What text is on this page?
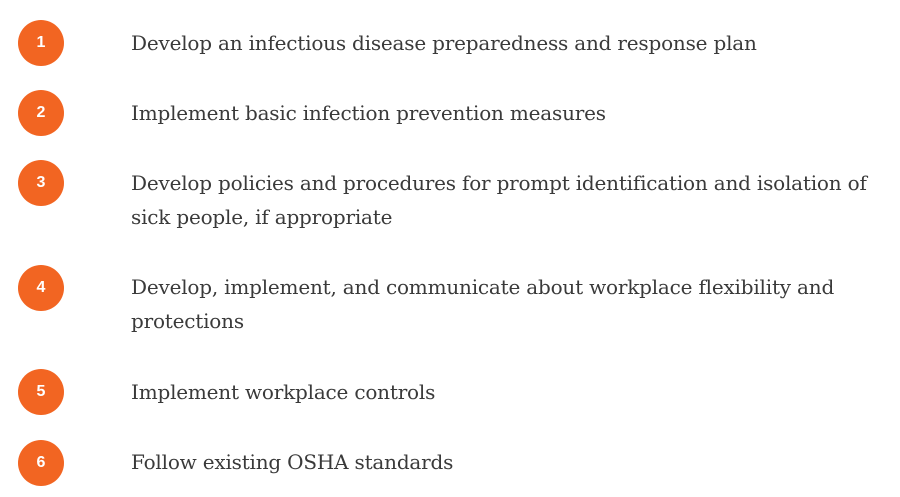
1	Develop an infectious disease preparedness and response plan

2	Implement basic infection prevention measures

3	Develop policies and procedures for prompt identification and isolation of sick people, if appropriate

4	Develop, implement, and communicate about workplace flexibility and protections

5	Implement workplace controls

6	Follow existing OSHA standards
